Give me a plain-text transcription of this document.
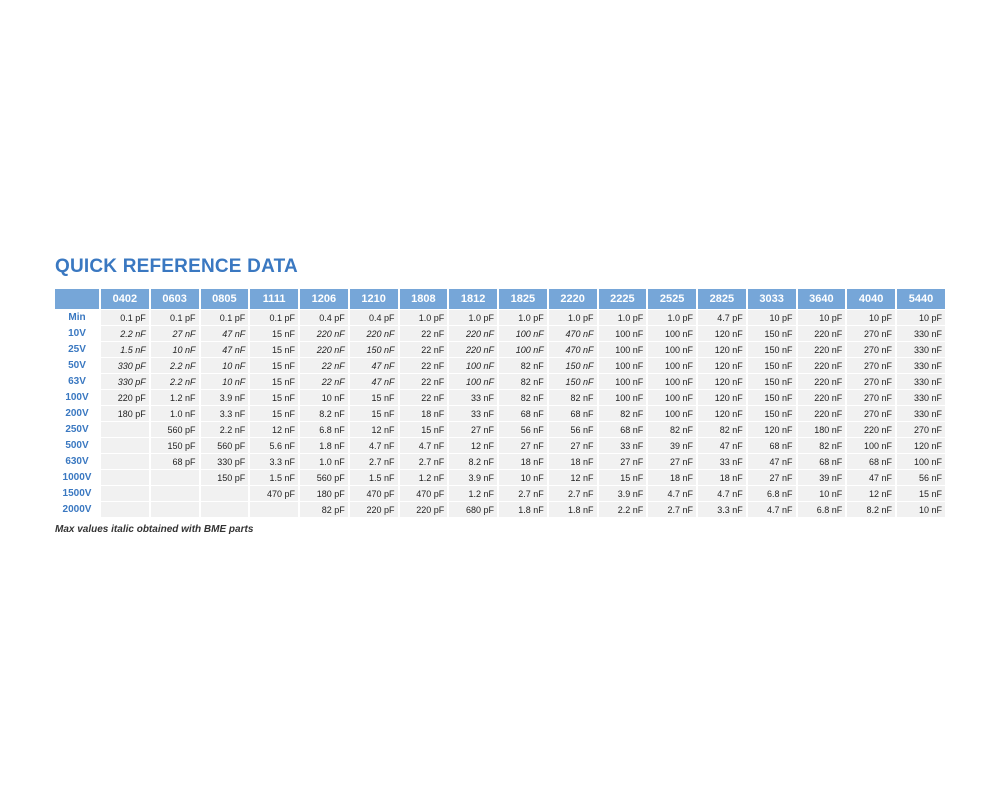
QUICK REFERENCE DATA
	0402	0603	0805	1111	1206	1210	1808	1812	1825	2220	2225	2525	2825	3033	3640	4040	5440
Min	0.1 pF	0.1 pF	0.1 pF	0.1 pF	0.4 pF	0.4 pF	1.0 pF	1.0 pF	1.0 pF	1.0 pF	1.0 pF	1.0 pF	4.7 pF	10 pF	10 pF	10 pF	10 pF
10V	2.2 nF	27 nF	47 nF	15 nF	220 nF	220 nF	22 nF	220 nF	100 nF	470 nF	100 nF	100 nF	120 nF	150 nF	220 nF	270 nF	330 nF
25V	1.5 nF	10 nF	47 nF	15 nF	220 nF	150 nF	22 nF	220 nF	100 nF	470 nF	100 nF	100 nF	120 nF	150 nF	220 nF	270 nF	330 nF
50V	330 pF	2.2 nF	10 nF	15 nF	22 nF	47 nF	22 nF	100 nF	82 nF	150 nF	100 nF	100 nF	120 nF	150 nF	220 nF	270 nF	330 nF
63V	330 pF	2.2 nF	10 nF	15 nF	22 nF	47 nF	22 nF	100 nF	82 nF	150 nF	100 nF	100 nF	120 nF	150 nF	220 nF	270 nF	330 nF
100V	220 pF	1.2 nF	3.9 nF	15 nF	10 nF	15 nF	22 nF	33 nF	82 nF	82 nF	100 nF	100 nF	120 nF	150 nF	220 nF	270 nF	330 nF
200V	180 pF	1.0 nF	3.3 nF	15 nF	8.2 nF	15 nF	18 nF	33 nF	68 nF	68 nF	82 nF	100 nF	120 nF	150 nF	220 nF	270 nF	330 nF
250V		560 pF	2.2 nF	12 nF	6.8 nF	12 nF	15 nF	27 nF	56 nF	56 nF	68 nF	82 nF	82 nF	120 nF	180 nF	220 nF	270 nF
500V		150 pF	560 pF	5.6 nF	1.8 nF	4.7 nF	4.7 nF	12 nF	27 nF	27 nF	33 nF	39 nF	47 nF	68 nF	82 nF	100 nF	120 nF
630V		68 pF	330 pF	3.3 nF	1.0 nF	2.7 nF	2.7 nF	8.2 nF	18 nF	18 nF	27 nF	27 nF	33 nF	47 nF	68 nF	68 nF	100 nF
1000V			150 pF	1.5 nF	560 pF	1.5 nF	1.2 nF	3.9 nF	10 nF	12 nF	15 nF	18 nF	18 nF	27 nF	39 nF	47 nF	56 nF
1500V				470 pF	180 pF	470 pF	470 pF	1.2 nF	2.7 nF	2.7 nF	3.9 nF	4.7 nF	4.7 nF	6.8 nF	10 nF	12 nF	15 nF
2000V					82 pF	220 pF	220 pF	680 pF	1.8 nF	1.8 nF	2.2 nF	2.7 nF	3.3 nF	4.7 nF	6.8 nF	8.2 nF	10 nF
Max values italic obtained with BME parts
